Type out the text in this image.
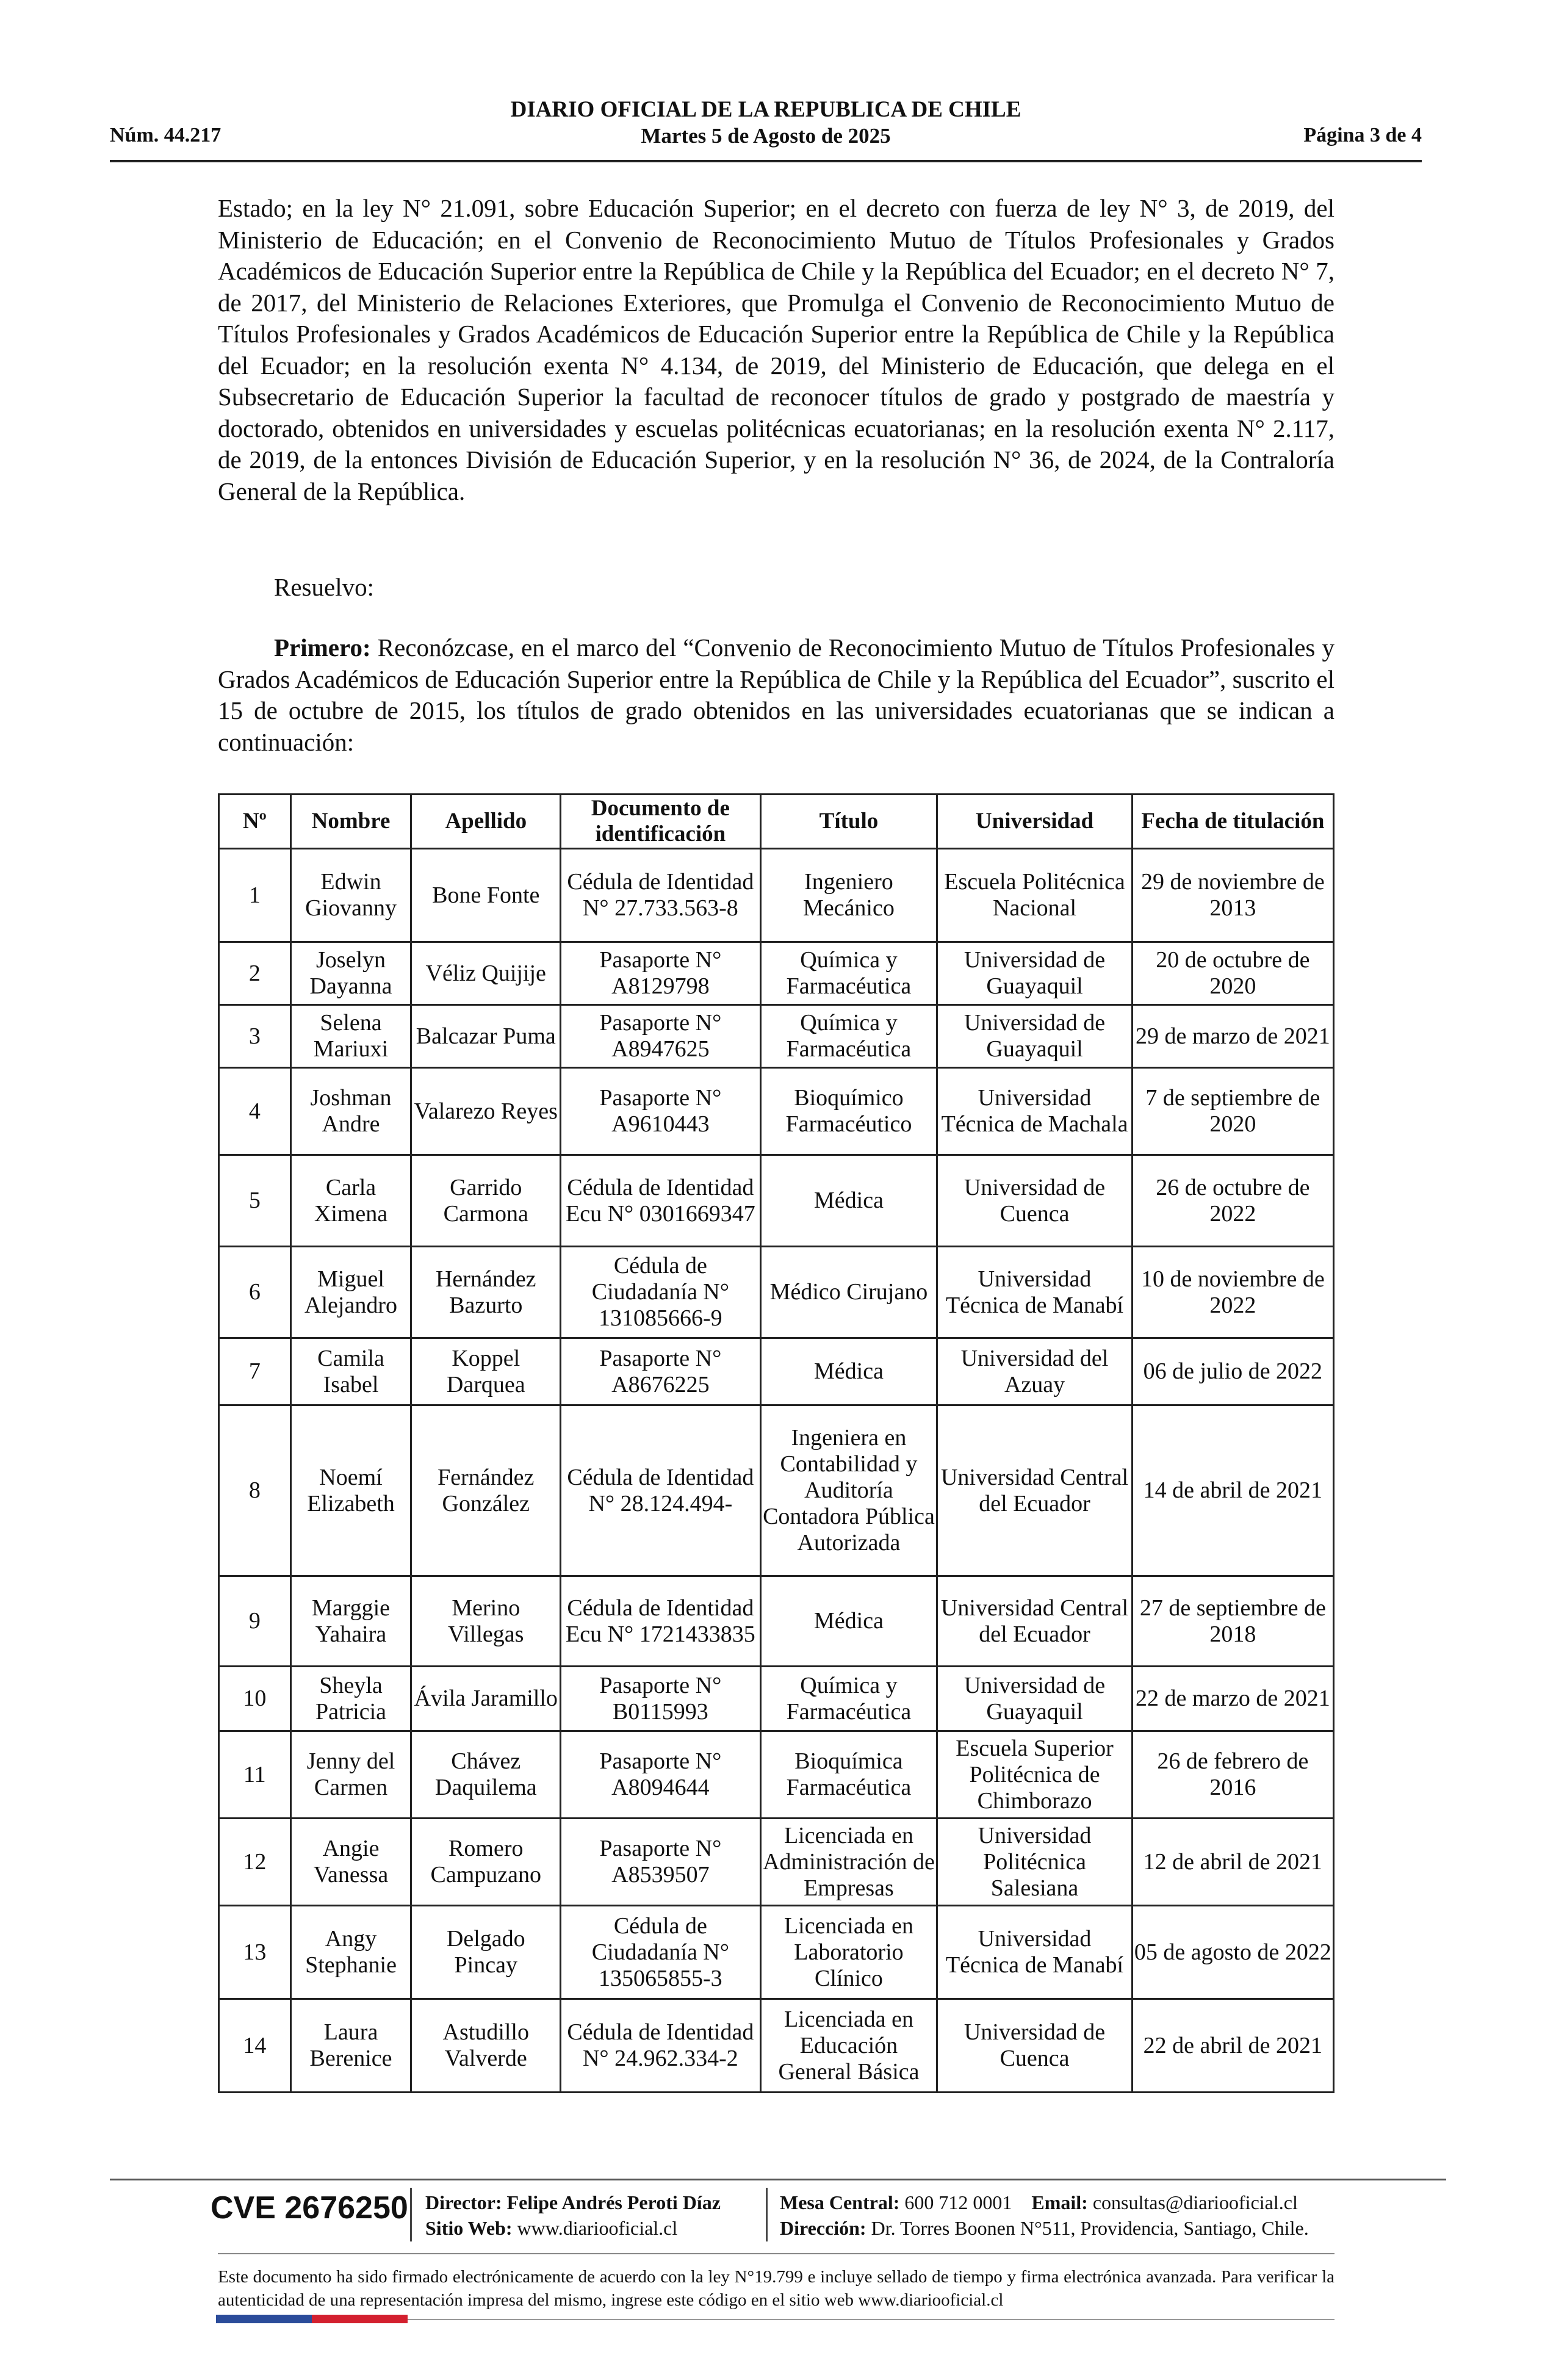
DIARIO OFICIAL DE LA REPUBLICA DE CHILE
Núm. 44.217	Martes 5 de Agosto de 2025	Página 3 de 4
Estado; en la ley N° 21.091, sobre Educación Superior; en el decreto con fuerza de ley N° 3, de 2019, del Ministerio de Educación; en el Convenio de Reconocimiento Mutuo de Títulos Profesionales y Grados Académicos de Educación Superior entre la República de Chile y la República del Ecuador; en el decreto N° 7, de 2017, del Ministerio de Relaciones Exteriores, que Promulga el Convenio de Reconocimiento Mutuo de Títulos Profesionales y Grados Académicos de Educación Superior entre la República de Chile y la República del Ecuador; en la resolución exenta N° 4.134, de 2019, del Ministerio de Educación, que delega en el Subsecretario de Educación Superior la facultad de reconocer títulos de grado y postgrado de maestría y doctorado, obtenidos en universidades y escuelas politécnicas ecuatorianas; en la resolución exenta N° 2.117, de 2019, de la entonces División de Educación Superior, y en la resolución N° 36, de 2024, de la Contraloría General de la República.
Resuelvo:
Primero: Reconózcase, en el marco del “Convenio de Reconocimiento Mutuo de Títulos Profesionales y Grados Académicos de Educación Superior entre la República de Chile y la República del Ecuador”, suscrito el 15 de octubre de 2015, los títulos de grado obtenidos en las universidades ecuatorianas que se indican a continuación:
Nº	Nombre	Apellido	Documento de identificación	Título	Universidad	Fecha de titulación
1	Edwin Giovanny	Bone Fonte	Cédula de Identidad N° 27.733.563-8	Ingeniero Mecánico	Escuela Politécnica Nacional	29 de noviembre de 2013
2	Joselyn Dayanna	Véliz Quijije	Pasaporte N° A8129798	Química y Farmacéutica	Universidad de Guayaquil	20 de octubre de 2020
3	Selena Mariuxi	Balcazar Puma	Pasaporte N° A8947625	Química y Farmacéutica	Universidad de Guayaquil	29 de marzo de 2021
4	Joshman Andre	Valarezo Reyes	Pasaporte N° A9610443	Bioquímico Farmacéutico	Universidad Técnica de Machala	7 de septiembre de 2020
5	Carla Ximena	Garrido Carmona	Cédula de Identidad Ecu N° 0301669347	Médica	Universidad de Cuenca	26 de octubre de 2022
6	Miguel Alejandro	Hernández Bazurto	Cédula de Ciudadanía N° 131085666-9	Médico Cirujano	Universidad Técnica de Manabí	10 de noviembre de 2022
7	Camila Isabel	Koppel Darquea	Pasaporte N° A8676225	Médica	Universidad del Azuay	06 de julio de 2022
8	Noemí Elizabeth	Fernández González	Cédula de Identidad N° 28.124.494-	Ingeniera en Contabilidad y Auditoría Contadora Pública Autorizada	Universidad Central del Ecuador	14 de abril de 2021
9	Marggie Yahaira	Merino Villegas	Cédula de Identidad Ecu N° 1721433835	Médica	Universidad Central del Ecuador	27 de septiembre de 2018
10	Sheyla Patricia	Ávila Jaramillo	Pasaporte N° B0115993	Química y Farmacéutica	Universidad de Guayaquil	22 de marzo de 2021
11	Jenny del Carmen	Chávez Daquilema	Pasaporte N° A8094644	Bioquímica Farmacéutica	Escuela Superior Politécnica de Chimborazo	26 de febrero de 2016
12	Angie Vanessa	Romero Campuzano	Pasaporte N° A8539507	Licenciada en Administración de Empresas	Universidad Politécnica Salesiana	12 de abril de 2021
13	Angy Stephanie	Delgado Pincay	Cédula de Ciudadanía N° 135065855-3	Licenciada en Laboratorio Clínico	Universidad Técnica de Manabí	05 de agosto de 2022
14	Laura Berenice	Astudillo Valverde	Cédula de Identidad N° 24.962.334-2	Licenciada en Educación General Básica	Universidad de Cuenca	22 de abril de 2021
CVE 2676250 Director: Felipe Andrés Peroti Díaz
Sitio Web: www.diariooficial.cl
Mesa Central: 600 712 0001 Email: consultas@diariooficial.cl
Dirección: Dr. Torres Boonen N°511, Providencia, Santiago, Chile.
Este documento ha sido firmado electrónicamente de acuerdo con la ley N°19.799 e incluye sellado de tiempo y firma electrónica avanzada. Para verificar la autenticidad de una representación impresa del mismo, ingrese este código en el sitio web www.diariooficial.cl
